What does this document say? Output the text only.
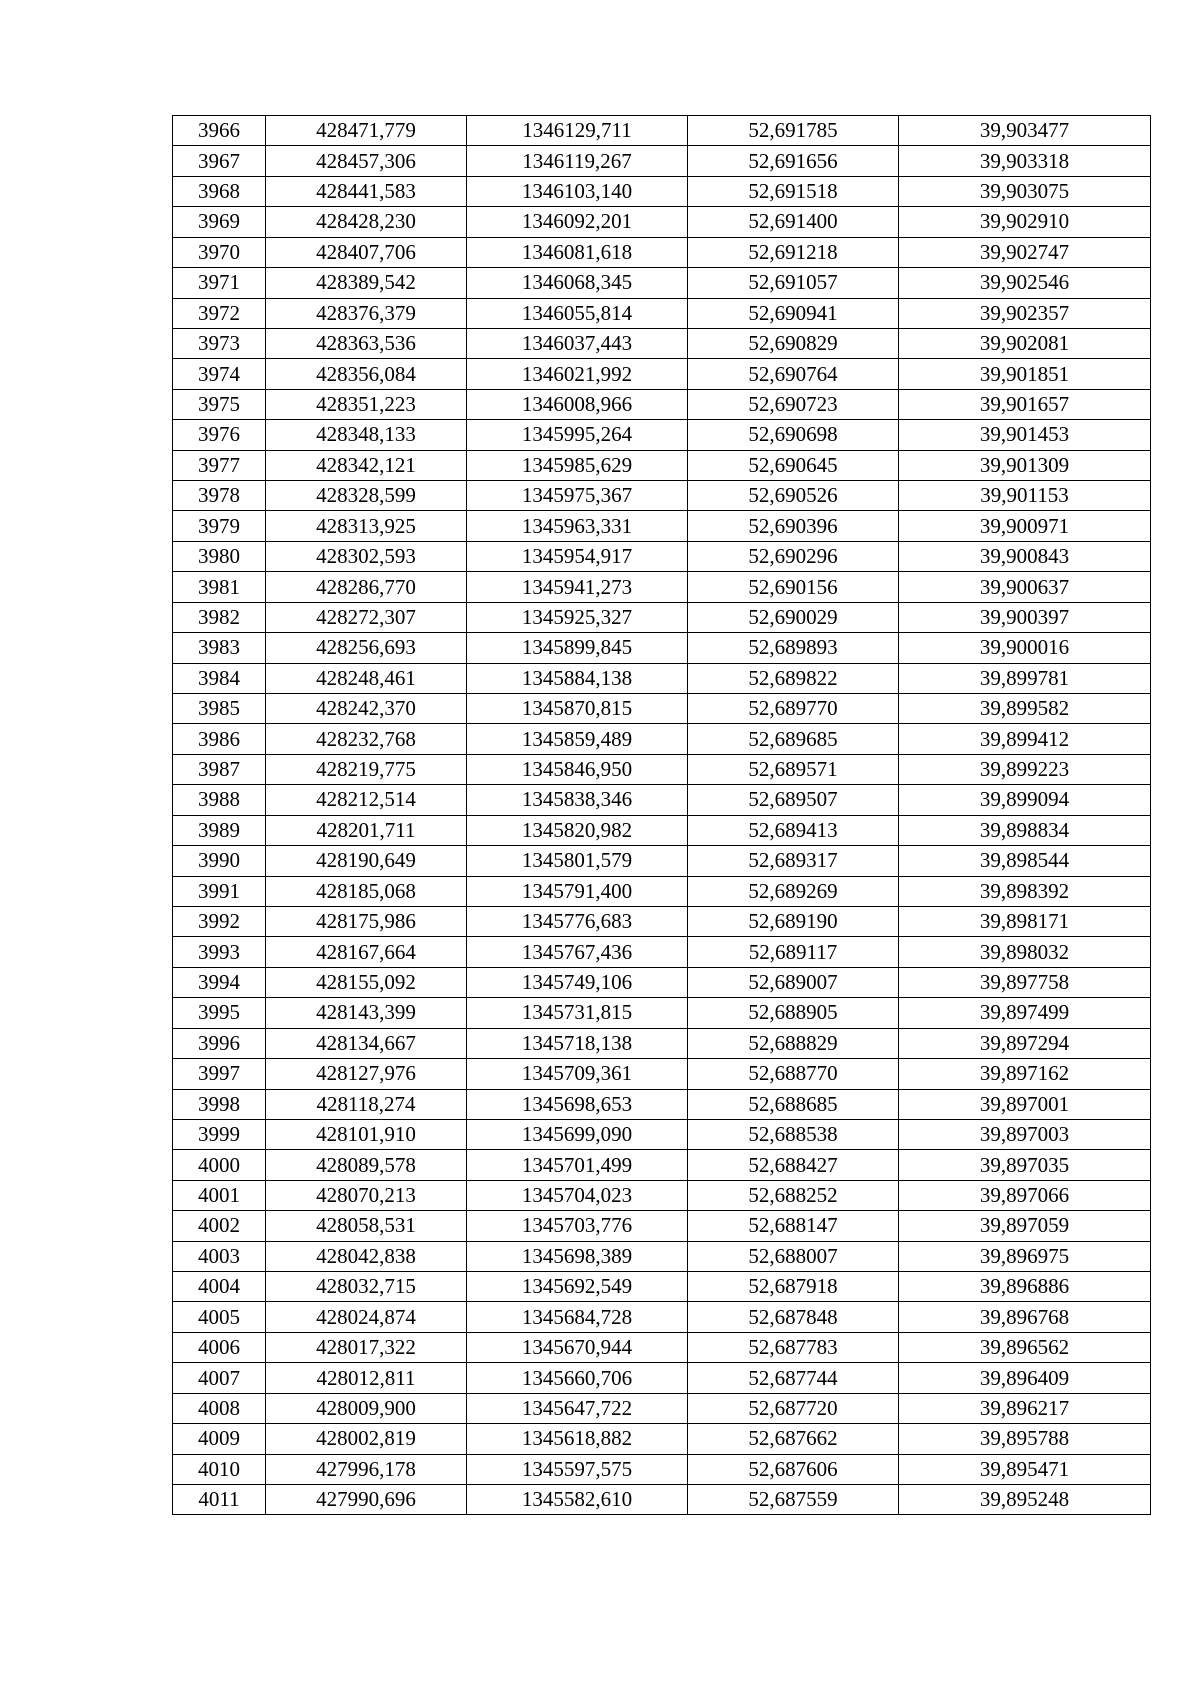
3966	428471,779	1346129,711	52,691785	39,903477
3967	428457,306	1346119,267	52,691656	39,903318
3968	428441,583	1346103,140	52,691518	39,903075
3969	428428,230	1346092,201	52,691400	39,902910
3970	428407,706	1346081,618	52,691218	39,902747
3971	428389,542	1346068,345	52,691057	39,902546
3972	428376,379	1346055,814	52,690941	39,902357
3973	428363,536	1346037,443	52,690829	39,902081
3974	428356,084	1346021,992	52,690764	39,901851
3975	428351,223	1346008,966	52,690723	39,901657
3976	428348,133	1345995,264	52,690698	39,901453
3977	428342,121	1345985,629	52,690645	39,901309
3978	428328,599	1345975,367	52,690526	39,901153
3979	428313,925	1345963,331	52,690396	39,900971
3980	428302,593	1345954,917	52,690296	39,900843
3981	428286,770	1345941,273	52,690156	39,900637
3982	428272,307	1345925,327	52,690029	39,900397
3983	428256,693	1345899,845	52,689893	39,900016
3984	428248,461	1345884,138	52,689822	39,899781
3985	428242,370	1345870,815	52,689770	39,899582
3986	428232,768	1345859,489	52,689685	39,899412
3987	428219,775	1345846,950	52,689571	39,899223
3988	428212,514	1345838,346	52,689507	39,899094
3989	428201,711	1345820,982	52,689413	39,898834
3990	428190,649	1345801,579	52,689317	39,898544
3991	428185,068	1345791,400	52,689269	39,898392
3992	428175,986	1345776,683	52,689190	39,898171
3993	428167,664	1345767,436	52,689117	39,898032
3994	428155,092	1345749,106	52,689007	39,897758
3995	428143,399	1345731,815	52,688905	39,897499
3996	428134,667	1345718,138	52,688829	39,897294
3997	428127,976	1345709,361	52,688770	39,897162
3998	428118,274	1345698,653	52,688685	39,897001
3999	428101,910	1345699,090	52,688538	39,897003
4000	428089,578	1345701,499	52,688427	39,897035
4001	428070,213	1345704,023	52,688252	39,897066
4002	428058,531	1345703,776	52,688147	39,897059
4003	428042,838	1345698,389	52,688007	39,896975
4004	428032,715	1345692,549	52,687918	39,896886
4005	428024,874	1345684,728	52,687848	39,896768
4006	428017,322	1345670,944	52,687783	39,896562
4007	428012,811	1345660,706	52,687744	39,896409
4008	428009,900	1345647,722	52,687720	39,896217
4009	428002,819	1345618,882	52,687662	39,895788
4010	427996,178	1345597,575	52,687606	39,895471
4011	427990,696	1345582,610	52,687559	39,895248
